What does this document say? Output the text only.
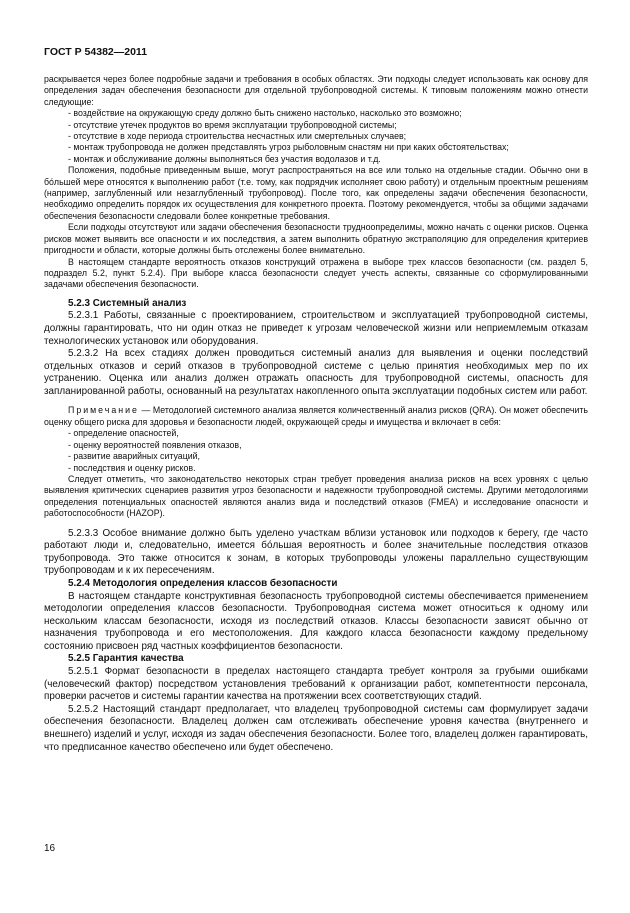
ГОСТ Р 54382—2011

раскрывается через более подробные задачи и требования в особых областях. Эти подходы следует использовать как основу для определения задач обеспечения безопасности для отдельной трубопроводной системы. К типовым положениям можно отнести следующие:

- воздействие на окружающую среду должно быть снижено настолько, насколько это возможно;

- отсутствие утечек продуктов во время эксплуатации трубопроводной системы;

- отсутствие в ходе периода строительства несчастных или смертельных случаев;

- монтаж трубопровода не должен представлять угроз рыболовным снастям ни при каких обстоятельствах;

- монтаж и обслуживание должны выполняться без участия водолазов и т.д.

Положения, подобные приведенным выше, могут распространяться на все или только на отдельные стадии. Обычно они в бо́льшей мере относятся к выполнению работ (т.е. тому, как подрядчик исполняет свою работу) и отдельным проектным решениям (например, заглубленный или незаглубленный трубопровод). После того, как определены задачи обеспечения безопасности, необходимо определить порядок их осуществления для конкретного проекта. Поэтому рекомендуется, чтобы за общими задачами обеспечения безопасности следовали более конкретные требования.

Если подходы отсутствуют или задачи обеспечения безопасности трудноопределимы, можно начать с оценки рисков. Оценка рисков может выявить все опасности и их последствия, а затем выполнить обратную экстраполяцию для определения критериев пригодности и области, которые должны быть отслежены более внимательно.

В настоящем стандарте вероятность отказов конструкций отражена в выборе трех классов безопасности (см. раздел 5, подраздел 5.2, пункт 5.2.4). При выборе класса безопасности следует учесть аспекты, связанные со сформулированными задачами обеспечения безопасности.

5.2.3 Системный анализ

5.2.3.1 Работы, связанные с проектированием, строительством и эксплуатацией трубопроводной системы, должны гарантировать, что ни один отказ не приведет к угрозам человеческой жизни или неприемлемым отказам технологических установок или оборудования.

5.2.3.2 На всех стадиях должен проводиться системный анализ для выявления и оценки последствий отдельных отказов и серий отказов в трубопроводной системе с целью принятия необходимых мер по их устранению. Оценка или анализ должен отражать опасность для трубопроводной системы, опасность для запланированной работы, основанный на результатах накопленного опыта эксплуатации подобных систем или работ.

Примечание — Методологией системного анализа является количественный анализ рисков (QRA). Он может обеспечить оценку общего риска для здоровья и безопасности людей, окружающей среды и имущества и включает в себя:

- определение опасностей,

- оценку вероятностей появления отказов,

- развитие аварийных ситуаций,

- последствия и оценку рисков.

Следует отметить, что законодательство некоторых стран требует проведения анализа рисков на всех уровнях с целью выявления критических сценариев развития угроз безопасности и надежности трубопроводной системы. Другими методологиями определения потенциальных опасностей являются анализ вида и последствий отказов (FMEA) и исследование опасности и работоспособности (HAZOP).

5.2.3.3 Особое внимание должно быть уделено участкам вблизи установок или подходов к берегу, где часто работают люди и, следовательно, имеется бо́льшая вероятность и более значительные последствия отказов трубопровода. Это также относится к зонам, в которых трубопроводы уложены параллельно существующим трубопроводам и к их пересечениям.

5.2.4 Методология определения классов безопасности

В настоящем стандарте конструктивная безопасность трубопроводной системы обеспечивается применением методологии определения классов безопасности. Трубопроводная система может относиться к одному или нескольким классам безопасности, исходя из последствий отказов. Классы безопасности зависят обычно от назначения трубопровода и его местоположения. Для каждого класса безопасности каждому предельному состоянию присвоен ряд частных коэффициентов безопасности.

5.2.5 Гарантия качества

5.2.5.1 Формат безопасности в пределах настоящего стандарта требует контроля за грубыми ошибками (человеческий фактор) посредством установления требований к организации работ, компетентности персонала, проверки расчетов и системы гарантии качества на протяжении всех соответствующих стадий.

5.2.5.2 Настоящий стандарт предполагает, что владелец трубопроводной системы сам формулирует задачи обеспечения безопасности. Владелец должен сам отслеживать обеспечение уровня качества (внутреннего и внешнего) изделий и услуг, исходя из задач обеспечения безопасности. Более того, владелец должен гарантировать, что предписанное качество обеспечено или будет обеспечено.

16
